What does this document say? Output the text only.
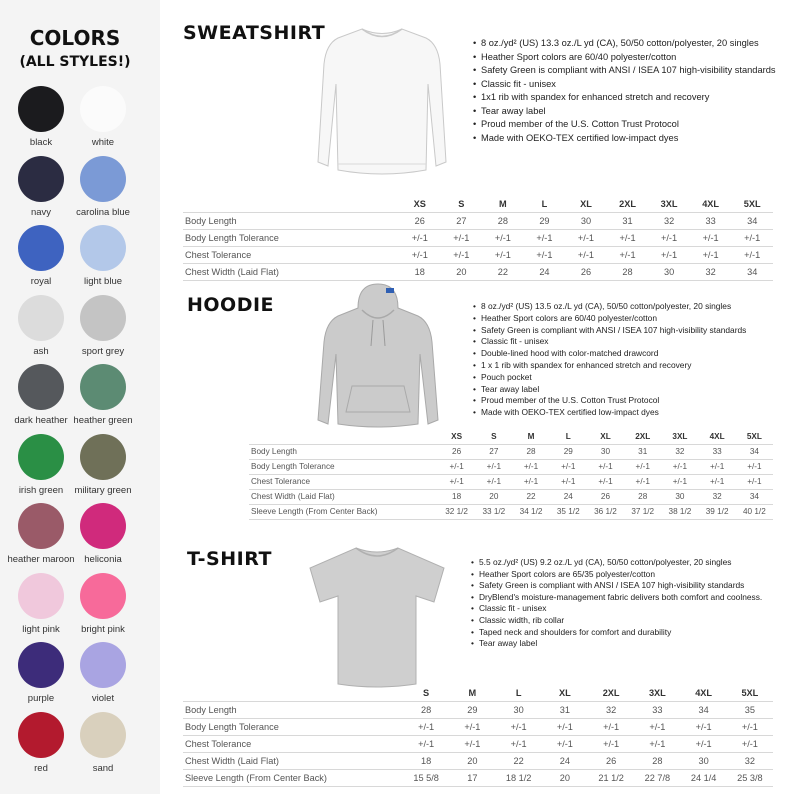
COLORS
(ALL STYLES!)
black	white
navy	carolina blue
royal	light blue
ash	sport grey
dark heather heather green
irish green	military green
heather maroon	heliconia
light pink	bright pink
purple	violet
red	sand
SWEATSHIRT	• 8 oz./yd² (US) 13.3 oz./L yd (CA), 50/50 cotton/polyester, 20 singles
• Heather Sport colors are 60/40 polyester/cotton
• Safety Green is compliant with ANSI / ISEA 107 high-visibility standards
• Classic fit - unisex
• 1x1 rib with spandex for enhanced stretch and recovery
• Tear away label
• Proud member of the U.S. Cotton Trust Protocol
• Made with OEKO-TEX certified low-impact dyes
	XS	S	M	L	XL	2XL	3XL	4XL	5XL
Body Length	26	27	28	29	30	31	32	33	34
Body Length Tolerance	+/-1	+/-1	+/-1	+/-1	+/-1	+/-1	+/-1	+/-1	+/-1
Chest Tolerance	+/-1	+/-1	+/-1	+/-1	+/-1	+/-1	+/-1	+/-1	+/-1
Chest Width (Laid Flat)	18	20	22	24	26	28	30	32	34
HOODIE	• 8 oz./yd² (US) 13.5 oz./L yd (CA), 50/50 cotton/polyester, 20 singles
• Heather Sport colors are 60/40 polyester/cotton
• Safety Green is compliant with ANSI / ISEA 107 high-visibility standards
• Classic fit - unisex
• Double-lined hood with color-matched drawcord
• 1 x 1 rib with spandex for enhanced stretch and recovery
• Pouch pocket
• Tear away label
• Proud member of the U.S. Cotton Trust Protocol
• Made with OEKO-TEX certified low-impact dyes
	XS	S	M	L	XL	2XL	3XL	4XL	5XL
Body Length	26	27	28	29	30	31	32	33	34
Body Length Tolerance	+/-1	+/-1	+/-1	+/-1	+/-1	+/-1	+/-1	+/-1	+/-1
Chest Tolerance	+/-1	+/-1	+/-1	+/-1	+/-1	+/-1	+/-1	+/-1	+/-1
Chest Width (Laid Flat)	18	20	22	24	26	28	30	32	34
Sleeve Length (From Center Back)	32 1/2	33 1/2	34 1/2	35 1/2	36 1/2	37 1/2	38 1/2	39 1/2	40 1/2
T-SHIRT	• 5.5 oz./yd² (US) 9.2 oz./L yd (CA), 50/50 cotton/polyester, 20 singles
• Heather Sport colors are 65/35 polyester/cotton
• Safety Green is compliant with ANSI / ISEA 107 high-visibility standards
• DryBlend's moisture-management fabric delivers both comfort and coolness.
• Classic fit - unisex
• Classic width, rib collar
• Taped neck and shoulders for comfort and durability
• Tear away label
	S	M	L	XL	2XL	3XL	4XL	5XL
Body Length	28	29	30	31	32	33	34	35
Body Length Tolerance	+/-1	+/-1	+/-1	+/-1	+/-1	+/-1	+/-1	+/-1
Chest Tolerance	+/-1	+/-1	+/-1	+/-1	+/-1	+/-1	+/-1	+/-1
Chest Width (Laid Flat)	18	20	22	24	26	28	30	32
Sleeve Length (From Center Back)	15 5/8	17	18 1/2	20	21 1/2	22 7/8	24 1/4	25 3/8
